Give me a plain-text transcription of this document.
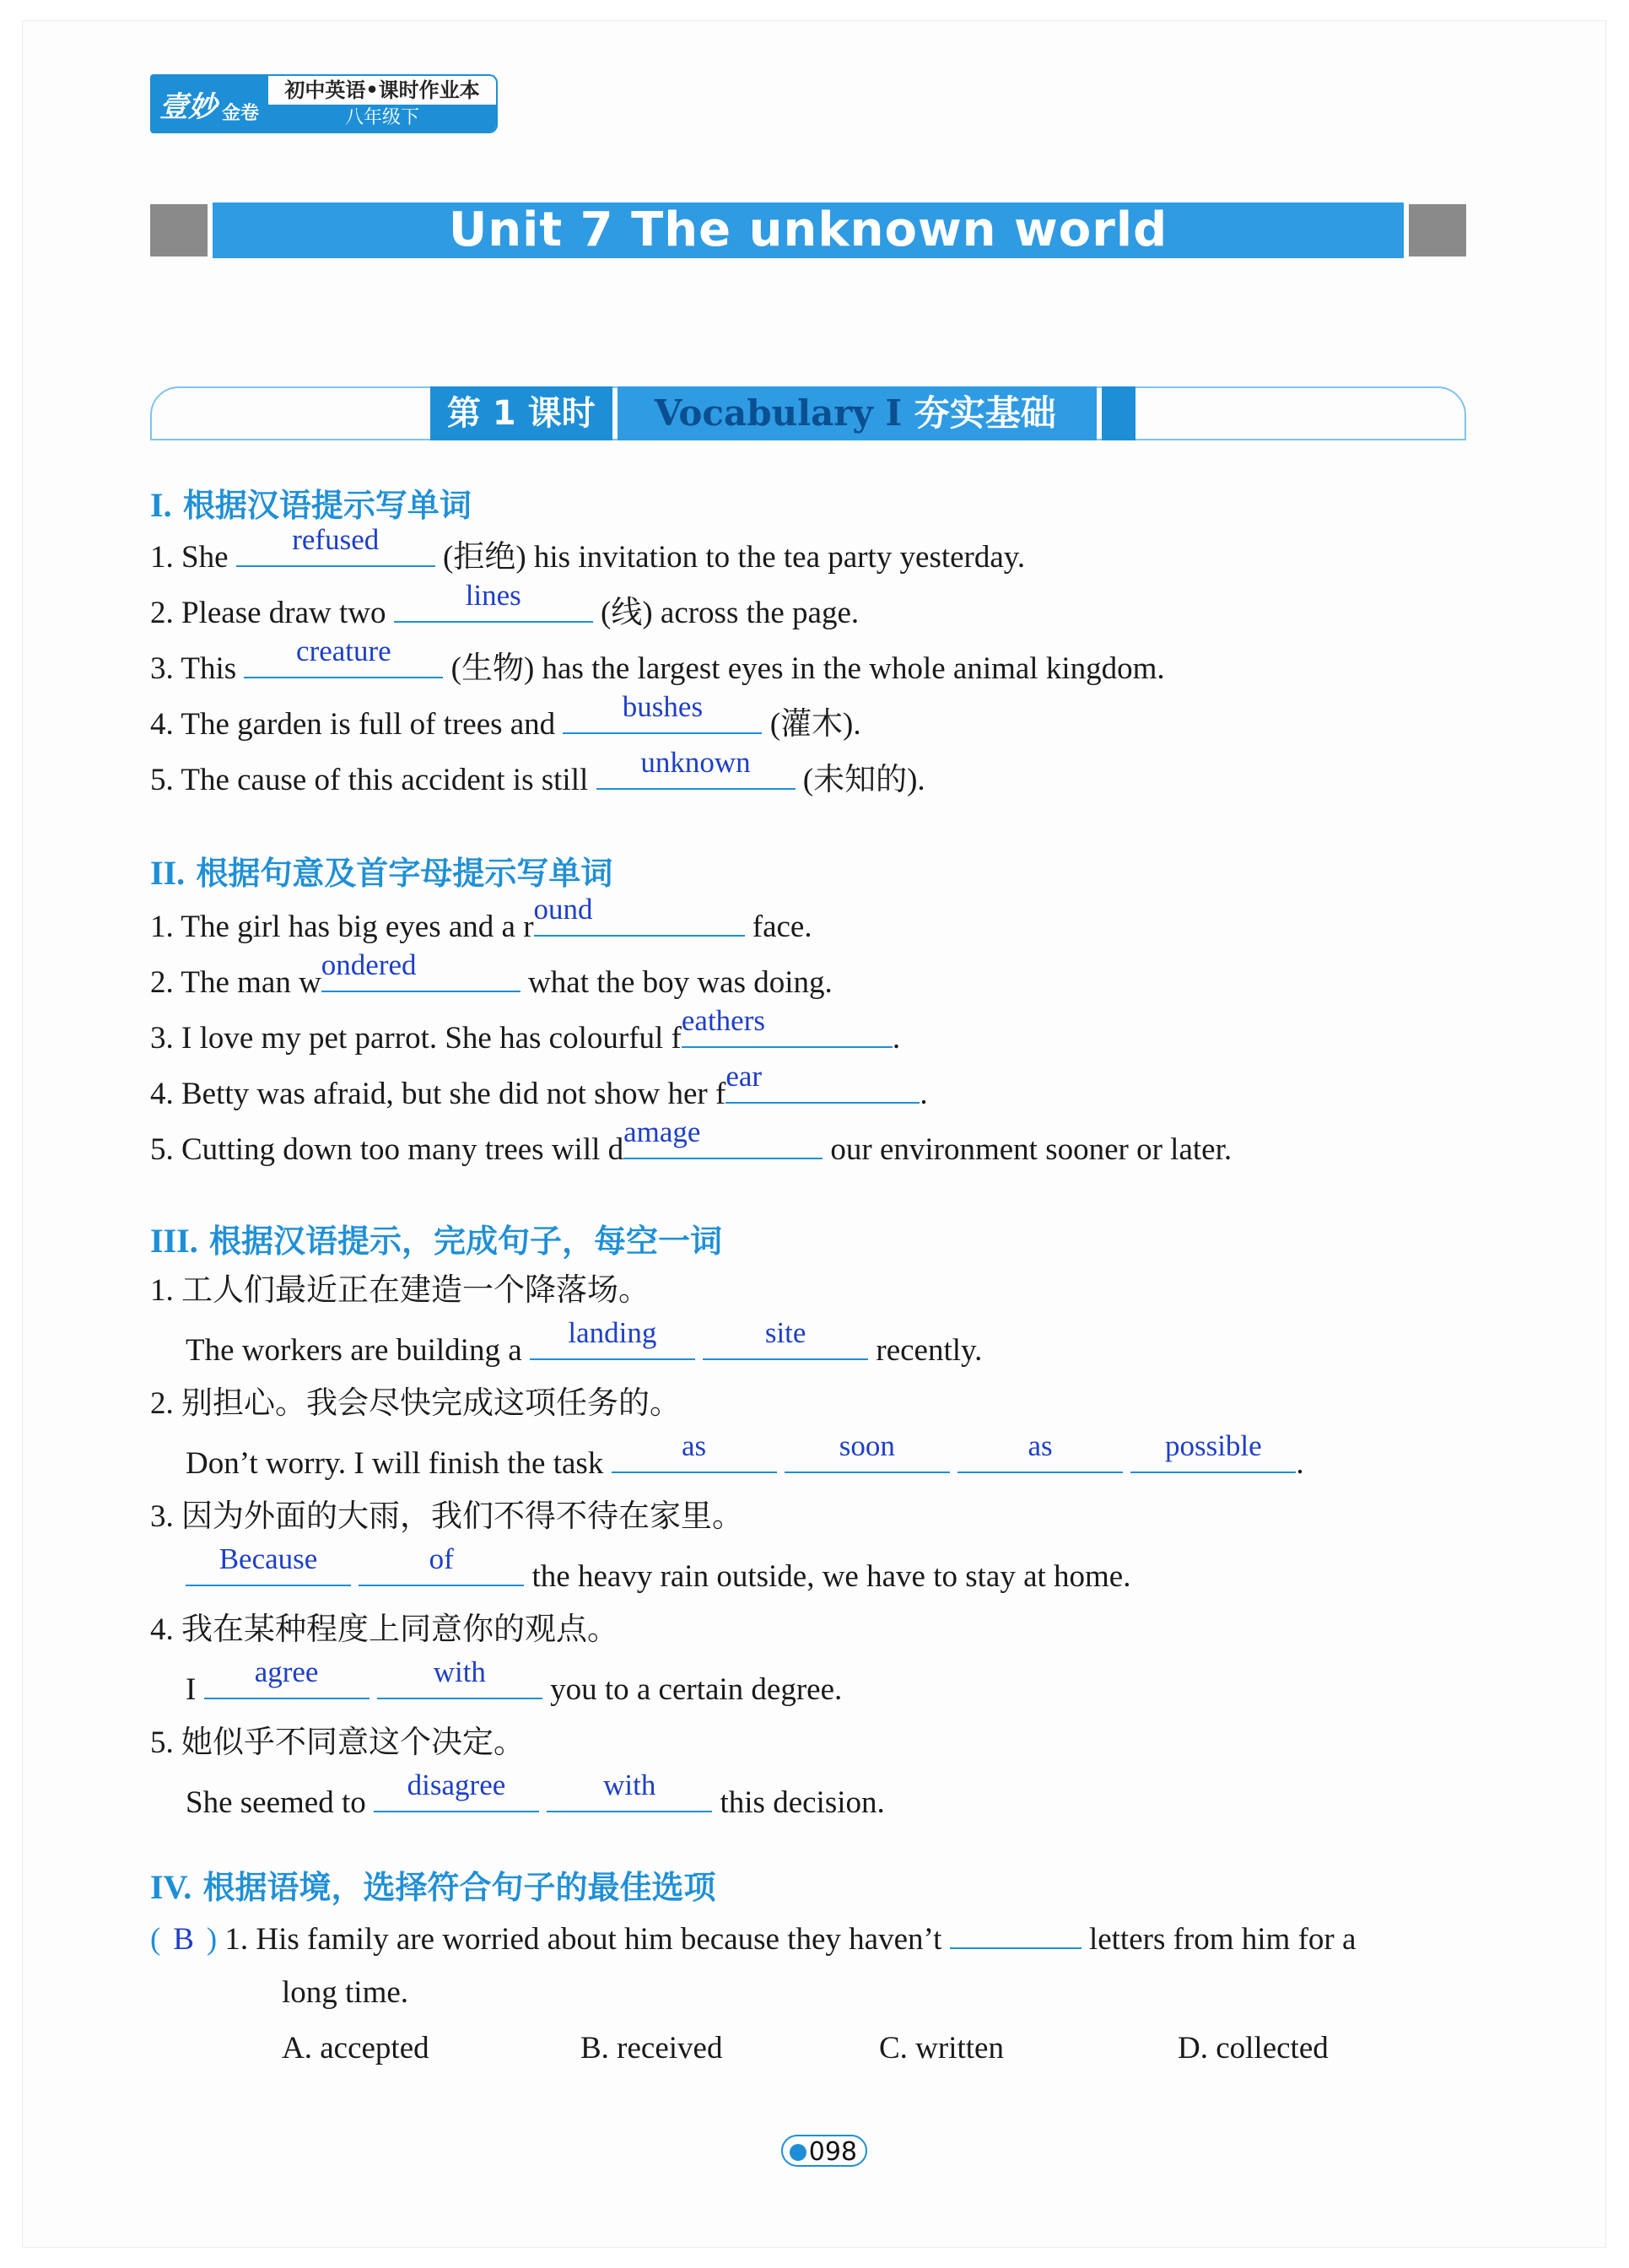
壹妙 金卷
初中英语•课时作业本
八年级下
Unit 7 The unknown world
第 1 课时	Vocabulary I 夯实基础
I. 根据汉语提示写单词
1. She
refused
(拒绝) his invitation to the tea party yesterday.
2. Please draw two
lines
(线) across the page.
3. This
creature
(生物) has the largest eyes in the whole animal kingdom.
4. The garden is full of trees and
bushes
(灌木).
5. The cause of this accident is still
unknown
(未知的).
II. 根据句意及首字母提示写单词
1. The girl has big eyes and a r
ound
face.
2. The man w
ondered
what the boy was doing.
3. I love my pet parrot. She has colourful f
eathers
.
4. Betty was afraid, but she did not show her f
ear
.
5. Cutting down too many trees will d
amage
our environment sooner or later.
III. 根据汉语提示，完成句子，每空一词
1. 工人们最近正在建造一个降落场。
The workers are building a
landing
	site
recently.
2. 别担心。我会尽快完成这项任务的。
Don’t worry. I will finish the task
as
	soon
	as
	possible
.
3. 因为外面的大雨，我们不得不待在家里。
Because
	of
the heavy rain outside, we have to stay at home.
4. 我在某种程度上同意你的观点。
I
agree
	with
you to a certain degree.
5. 她似乎不同意这个决定。
She seemed to
disagree
	with
this decision.
IV. 根据语境，选择符合句子的最佳选项
( B ) 1. His family are worried about him because they haven’t	letters from him for a
long time.
A. accepted	B. received	C. written	D. collected
098
